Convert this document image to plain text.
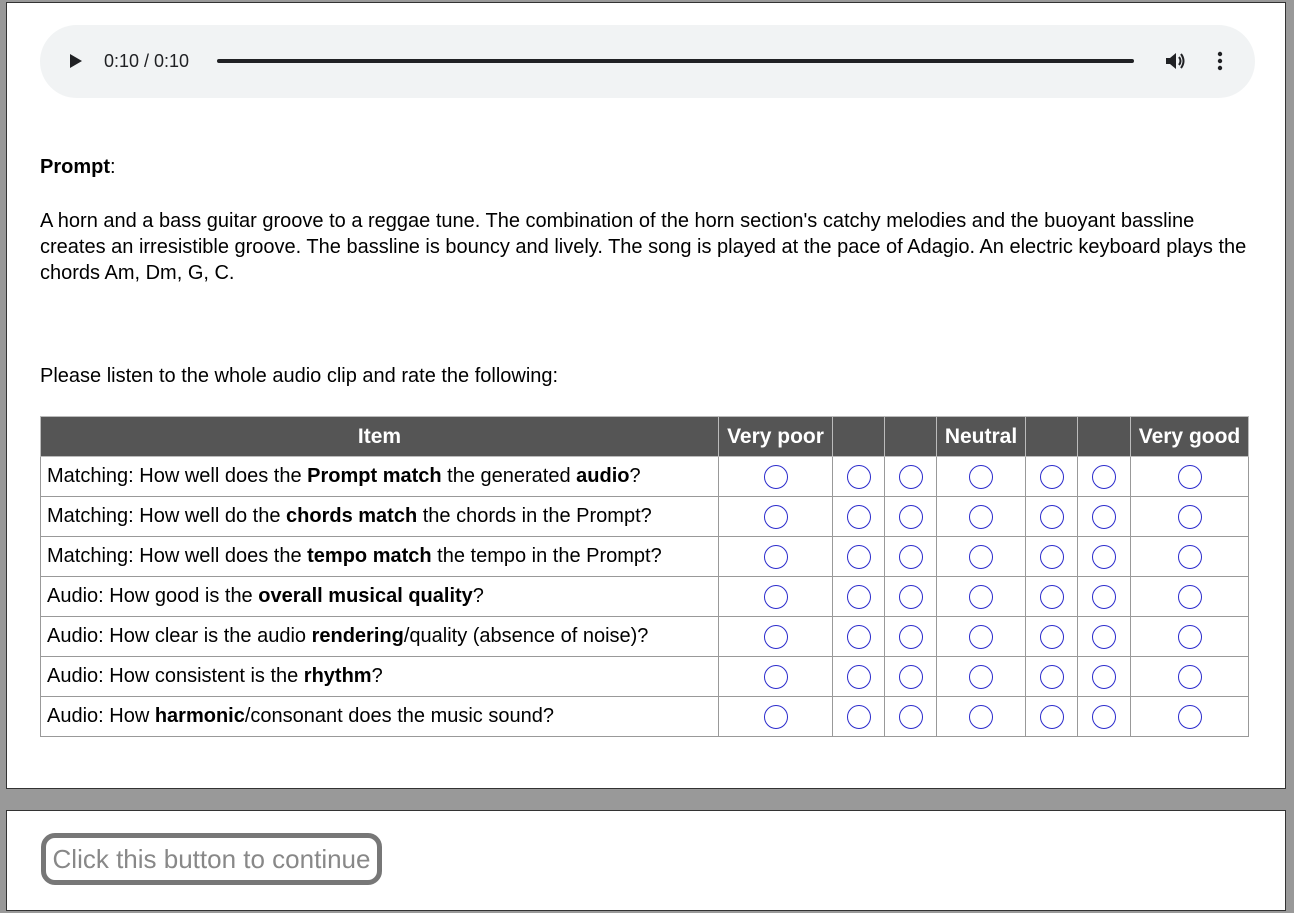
0:10 / 0:10
Prompt:
A horn and a bass guitar groove to a reggae tune. The combination of the horn section's catchy melodies and the buoyant bassline creates an irresistible groove. The bassline is bouncy and lively. The song is played at the pace of Adagio. An electric keyboard plays the chords Am, Dm, G, C.
Please listen to the whole audio clip and rate the following:
Item	Very poor			Neutral			Very good
Matching: How well does the Prompt match the generated audio?							
Matching: How well do the chords match the chords in the Prompt?							
Matching: How well does the tempo match the tempo in the Prompt?							
Audio: How good is the overall musical quality?							
Audio: How clear is the audio rendering/quality (absence of noise)?							
Audio: How consistent is the rhythm?							
Audio: How harmonic/consonant does the music sound?							
Click this button to continue
